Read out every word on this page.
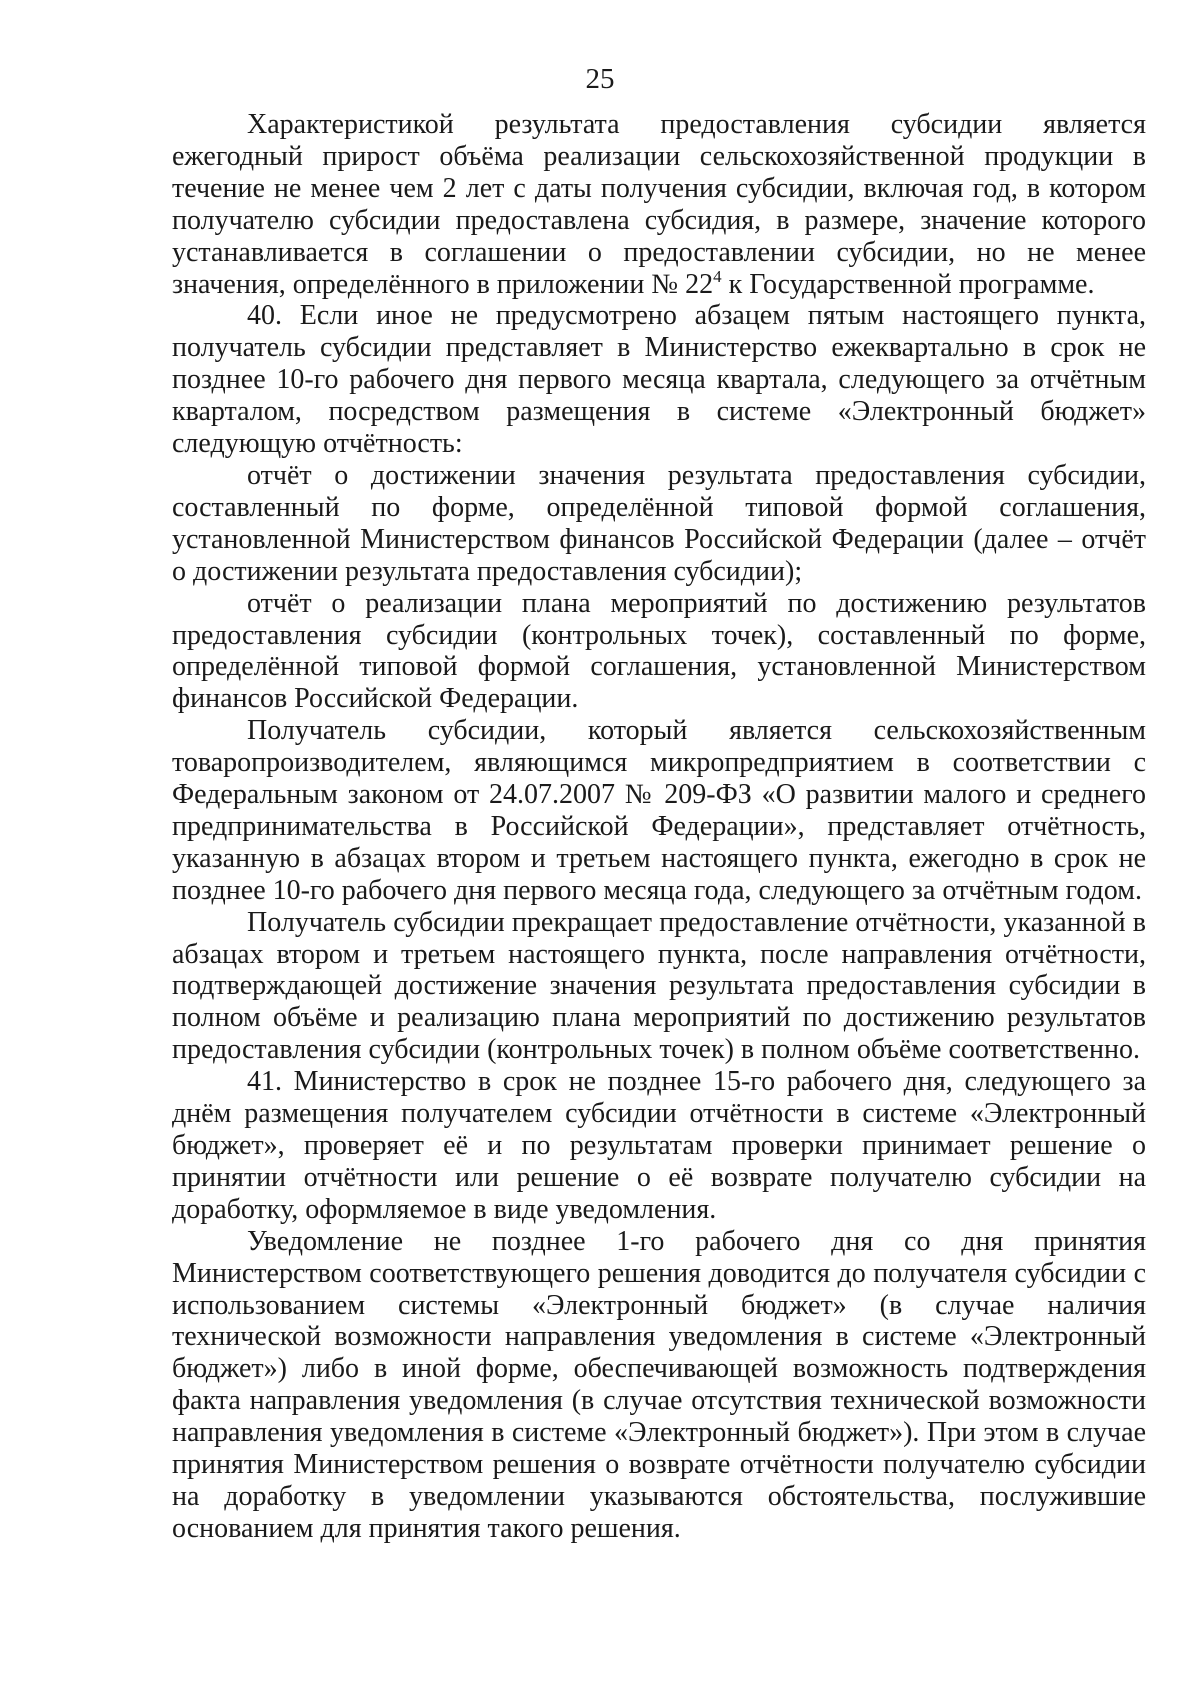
25

Характеристикой результата предоставления субсидии является ежегодный прирост объёма реализации сельскохозяйственной продукции в течение не менее чем 2 лет с даты получения субсидии, включая год, в котором получателю субсидии предоставлена субсидия, в размере, значение которого устанавливается в соглашении о предоставлении субсидии, но не менее значения, определённого в приложении № $22^4$ к Государственной программе.

40. Если иное не предусмотрено абзацем пятым настоящего пункта, получатель субсидии представляет в Министерство ежеквартально в срок не позднее 10-го рабочего дня первого месяца квартала, следующего за отчётным кварталом, посредством размещения в системе «Электронный бюджет» следующую отчётность:

отчёт о достижении значения результата предоставления субсидии, составленный по форме, определённой типовой формой соглашения, установленной Министерством финансов Российской Федерации (далее – отчёт о достижении результата предоставления субсидии);

отчёт о реализации плана мероприятий по достижению результатов предоставления субсидии (контрольных точек), составленный по форме, определённой типовой формой соглашения, установленной Министерством финансов Российской Федерации.

Получатель субсидии, который является сельскохозяйственным товаропроизводителем, являющимся микропредприятием в соответствии с Федеральным законом от 24.07.2007 № 209-ФЗ «О развитии малого и среднего предпринимательства в Российской Федерации», представляет отчётность, указанную в абзацах втором и третьем настоящего пункта, ежегодно в срок не позднее 10-го рабочего дня первого месяца года, следующего за отчётным годом.

Получатель субсидии прекращает предоставление отчётности, указанной в абзацах втором и третьем настоящего пункта, после направления отчётности, подтверждающей достижение значения результата предоставления субсидии в полном объёме и реализацию плана мероприятий по достижению результатов предоставления субсидии (контрольных точек) в полном объёме соответственно.

41. Министерство в срок не позднее 15-го рабочего дня, следующего за днём размещения получателем субсидии отчётности в системе «Электронный бюджет», проверяет её и по результатам проверки принимает решение о принятии отчётности или решение о её возврате получателю субсидии на доработку, оформляемое в виде уведомления.

Уведомление не позднее 1-го рабочего дня со дня принятия Министерством соответствующего решения доводится до получателя субсидии с использованием системы «Электронный бюджет» (в случае наличия технической возможности направления уведомления в системе «Электронный бюджет») либо в иной форме, обеспечивающей возможность подтверждения факта направления уведомления (в случае отсутствия технической возможности направления уведомления в системе «Электронный бюджет»). При этом в случае принятия Министерством решения о возврате отчётности получателю субсидии на доработку в уведомлении указываются обстоятельства, послужившие основанием для принятия такого решения.
